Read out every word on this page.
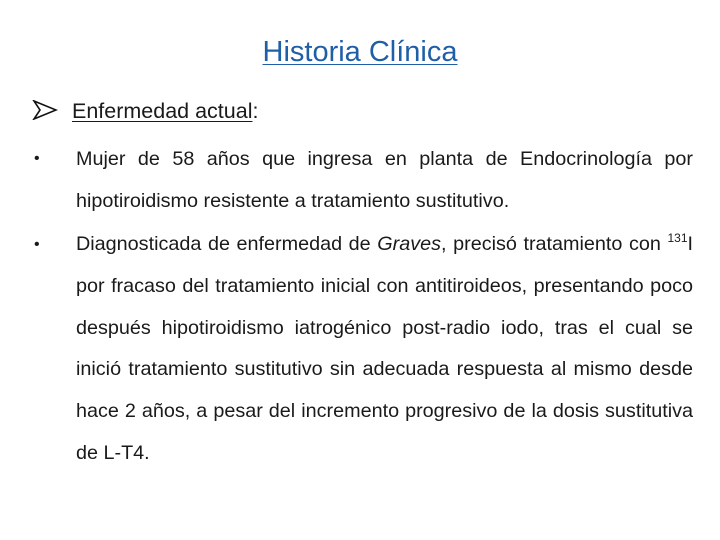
Historia Clínica
Enfermedad actual :
•	Mujer de 58 años que ingresa en planta de Endocrinología por hipotiroidismo resistente a tratamiento sustitutivo.
•	Diagnosticada de enfermedad de Graves, precisó tratamiento con $^{131}$I por fracaso del tratamiento inicial con antitiroideos, presentando poco después hipotiroidismo iatrogénico post-radio iodo, tras el cual se inició tratamiento sustitutivo sin adecuada respuesta al mismo desde hace 2 años, a pesar del incremento progresivo de la dosis sustitutiva de L-T4.
